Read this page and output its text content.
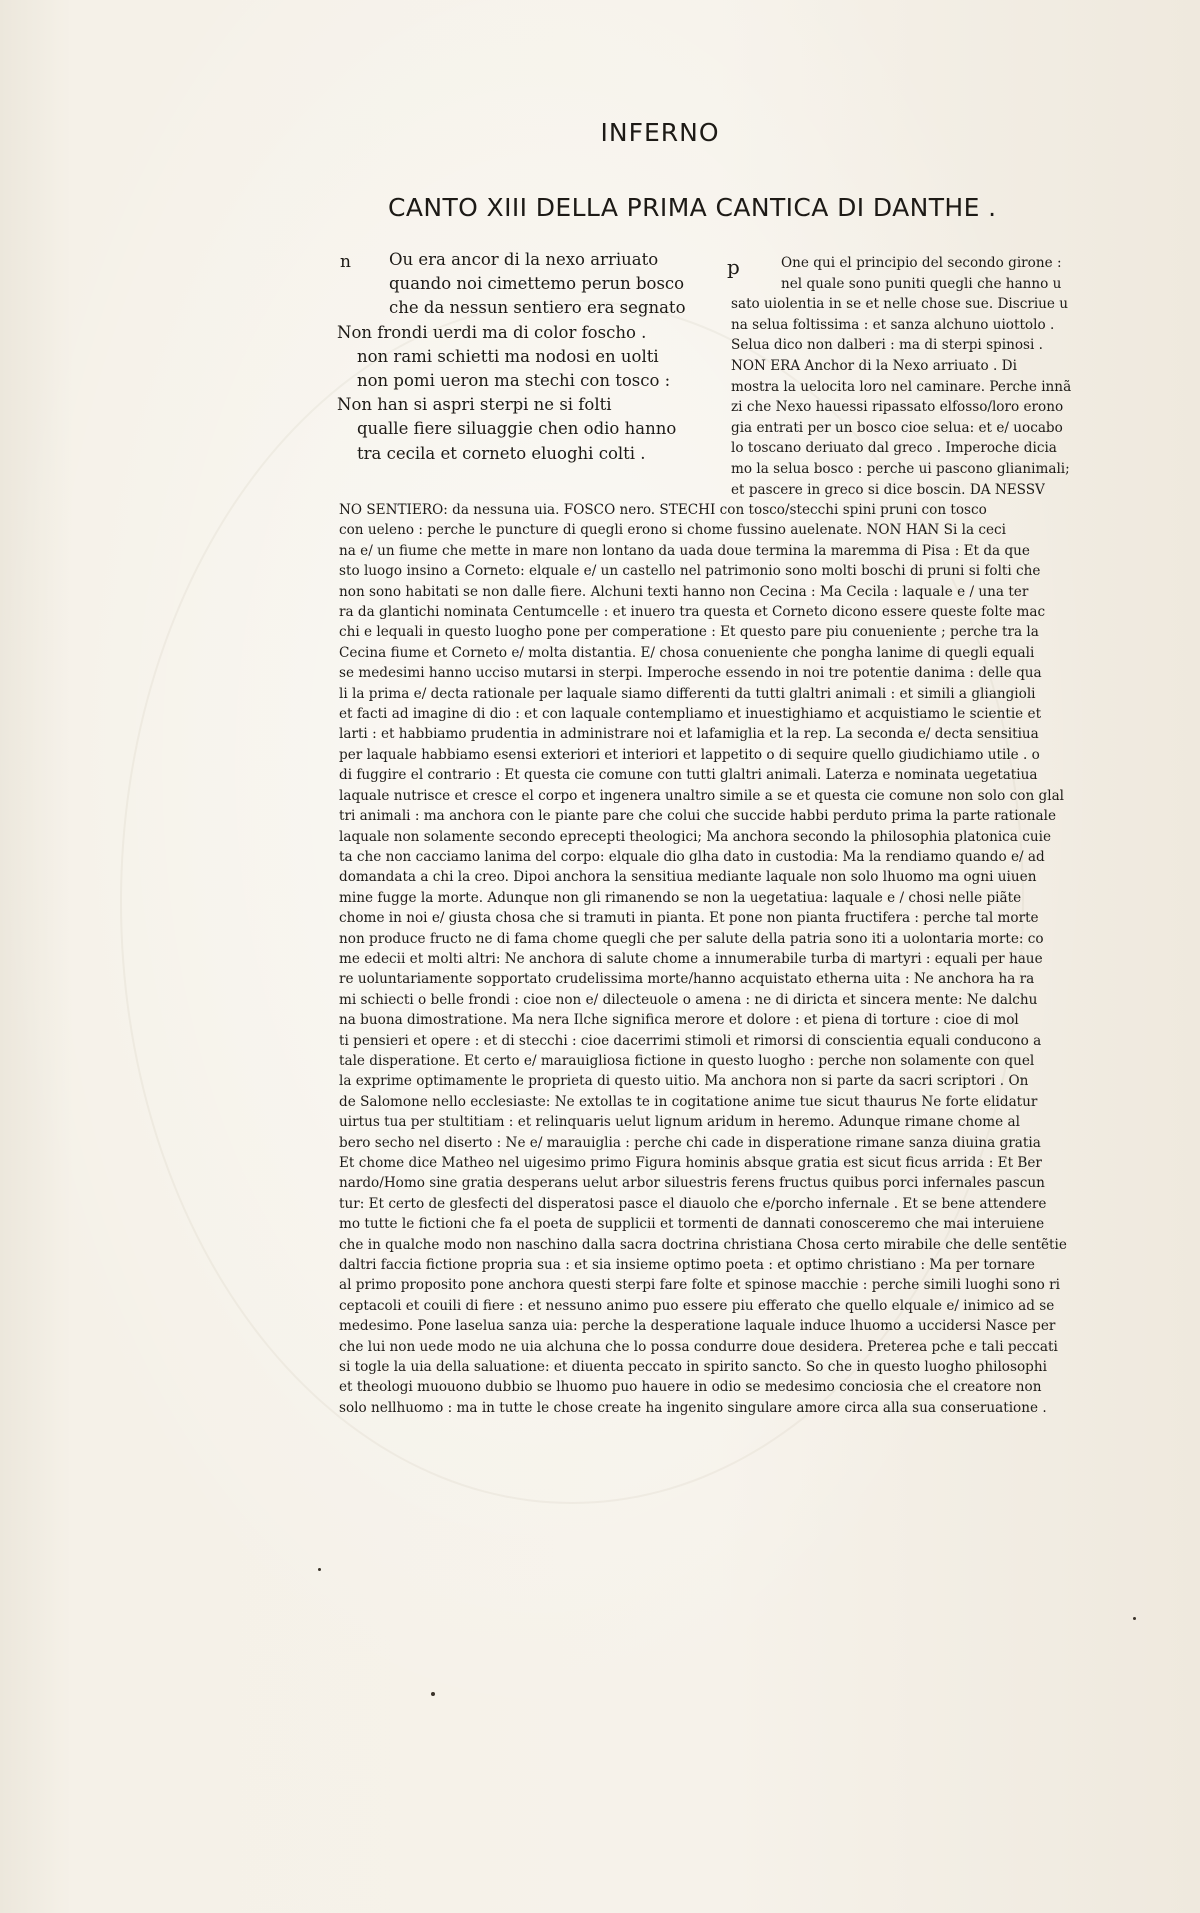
INFERNO
CANTO XIII DELLA PRIMA CANTICA DI DANTHE .
n	Ou era ancor di la nexo arriuato
quando noi cimettemo perun bosco
che da nessun sentiero era segnato
Non frondi uerdi ma di color foscho .
non rami schietti ma nodosi en uolti
non pomi ueron ma stechi con tosco :
Non han si aspri sterpi ne si folti
qualle fiere siluaggie chen odio hanno
tra cecila et corneto eluoghi colti .
p	One qui el principio del secondo girone :
nel quale sono puniti quegli che hanno u
sato uiolentia in se et nelle chose sue. Discriue u
na selua foltissima : et sanza alchuno uiottolo .
Selua dico non dalberi : ma di sterpi spinosi .
NON ERA Anchor di la Nexo arriuato . Di
mostra la uelocita loro nel caminare. Perche innã
zi che Nexo hauessi ripassato elfosso/loro erono
gia entrati per un bosco cioe selua: et e/ uocabo
lo toscano deriuato dal greco . Imperoche dicia
mo la selua bosco : perche ui pascono glianimali;
et pascere in greco si dice boscin. DA NESSV
NO SENTIERO: da nessuna uia. FOSCO nero. STECHI con tosco/stecchi spini pruni con tosco
con ueleno : perche le puncture di quegli erono si chome fussino auelenate. NON HAN Si la ceci
na e/ un fiume che mette in mare non lontano da uada doue termina la maremma di Pisa : Et da que
sto luogo insino a Corneto: elquale e/ un castello nel patrimonio sono molti boschi di pruni si folti che
non sono habitati se non dalle fiere. Alchuni texti hanno non Cecina : Ma Cecila : laquale e / una ter
ra da glantichi nominata Centumcelle : et inuero tra questa et Corneto dicono essere queste folte mac
chi e lequali in questo luogho pone per comperatione : Et questo pare piu conueniente ; perche tra la
Cecina fiume et Corneto e/ molta distantia. E/ chosa conueniente che pongha lanime di quegli equali
se medesimi hanno uccisо mutarsi in sterpi. Imperoche essendo in noi tre potentie danima : delle qua
li la prima e/ decta rationale per laquale siamo differenti da tutti glaltri animali : et simili a gliangioli
et facti ad imagine di dio : et con laquale contempliamo et inuestighiamo et acquistiamo le scientie et
larti : et habbiamo prudentia in administrare noi et lafamiglia et la rep. La seconda e/ decta sensitiua
per laquale habbiamo esensi exteriori et interiori et lappetito o di sequire quello giudichiamo utile . o
di fuggire el contrario : Et questa cie comune con tutti glaltri animali. Laterza e nominata uegetatiua
laquale nutrisce et cresce el corpo et ingenera unaltro simile a se et questa cie comune non solo con glal
tri animali : ma anchora con le piante pare che colui che succide habbi perduto prima la parte rationale
laquale non solamente secondo eprecepti theologici; Ma anchora secondo la philosophia platonica cuie
ta che non cacciamo lanima del corpo: elquale dio glha dato in custodia: Ma la rendiamo quando e/ ad
domandata a chi la creo. Dipoi anchora la sensitiua mediante laquale non solo lhuomo ma ogni uiuen
mine fugge la morte. Adunque non gli rimanendo se non la uegetatiua: laquale e / chosi nelle piãte
chome in noi e/ giusta chosa che si tramuti in pianta. Et pone non pianta fructifera : perche tal morte
non produce fructo ne di fama chome quegli che per salute della patria sono iti a uolontaria morte: co
me edecii et molti altri: Ne anchora di salute chome a innumerabile turba di martyri : equali per haue
re uoluntariamente sopportato crudelissima morte/hanno acquistato etherna uita : Ne anchora ha ra
mi schiecti o belle frondi : cioe non e/ dilecteuole o amena : ne di diricta et sincera mente: Ne dalchu
na buona dimostratione. Ma nera Ilche significa merore et dolore : et piena di torture : cioe di mol
ti pensieri et opere : et di stecchi : cioe dacerrimi stimoli et rimorsi di conscientia equali conducono a
tale disperatione. Et certo e/ marauigliosa fictione in questo luogho : perche non solamente con quel
la exprime optimamente le proprieta di questo uitio. Ma anchora non si parte da sacri scriptori . On
de Salomone nello ecclesiaste: Ne extollas te in cogitatione anime tue sicut thaurus Ne forte elidatur
uirtus tua per stultitiam : et relinquaris uelut lignum aridum in heremo. Adunque rimane chome al
bero secho nel diserto : Ne e/ marauiglia : perche chi cade in disperatione rimane sanza diuina gratia
Et chome dice Matheo nel uigesimo primo Figura hominis absque gratia est sicut ficus arrida : Et Ber
nardo/Homo sine gratia desperans uelut arbor siluestris ferens fructus quibus porci infernales pascun
tur: Et certo de glesfecti del disperatosi pasce el diauolo che e/porcho infernale . Et se bene attendere
mo tutte le fictioni che fa el poeta de supplicii et tormenti de dannati conosceremo che mai interuiene
che in qualche modo non naschino dalla sacra doctrina christiana Chosa certo mirabile che delle sentẽtie
daltri faccia fictione propria sua : et sia insieme optimo poeta : et optimo christiano : Ma per tornare
al primo proposito pone anchora questi sterpi fare folte et spinose macchie : perche simili luoghi sono ri
ceptacoli et couili di fiere : et nessuno animo puo essere piu efferato che quello elquale e/ inimico ad se
medesimo. Pone laselua sanza uia: perche la desperatione laquale induce lhuomo a uccidersi Nasce per
che lui non uede modo ne uia alchuna che lo possa condurre doue desidera. Preterea pche e tali peccati
si togle la uia della saluatione: et diuenta peccato in spirito sancto. So che in questo luogho philosophi
et theologi muouono dubbio se lhuomo puo hauere in odio se medesimo conciosia che el creatore non
solo nellhuomo : ma in tutte le chose create ha ingenito singulare amore circa alla sua conseruatione .
